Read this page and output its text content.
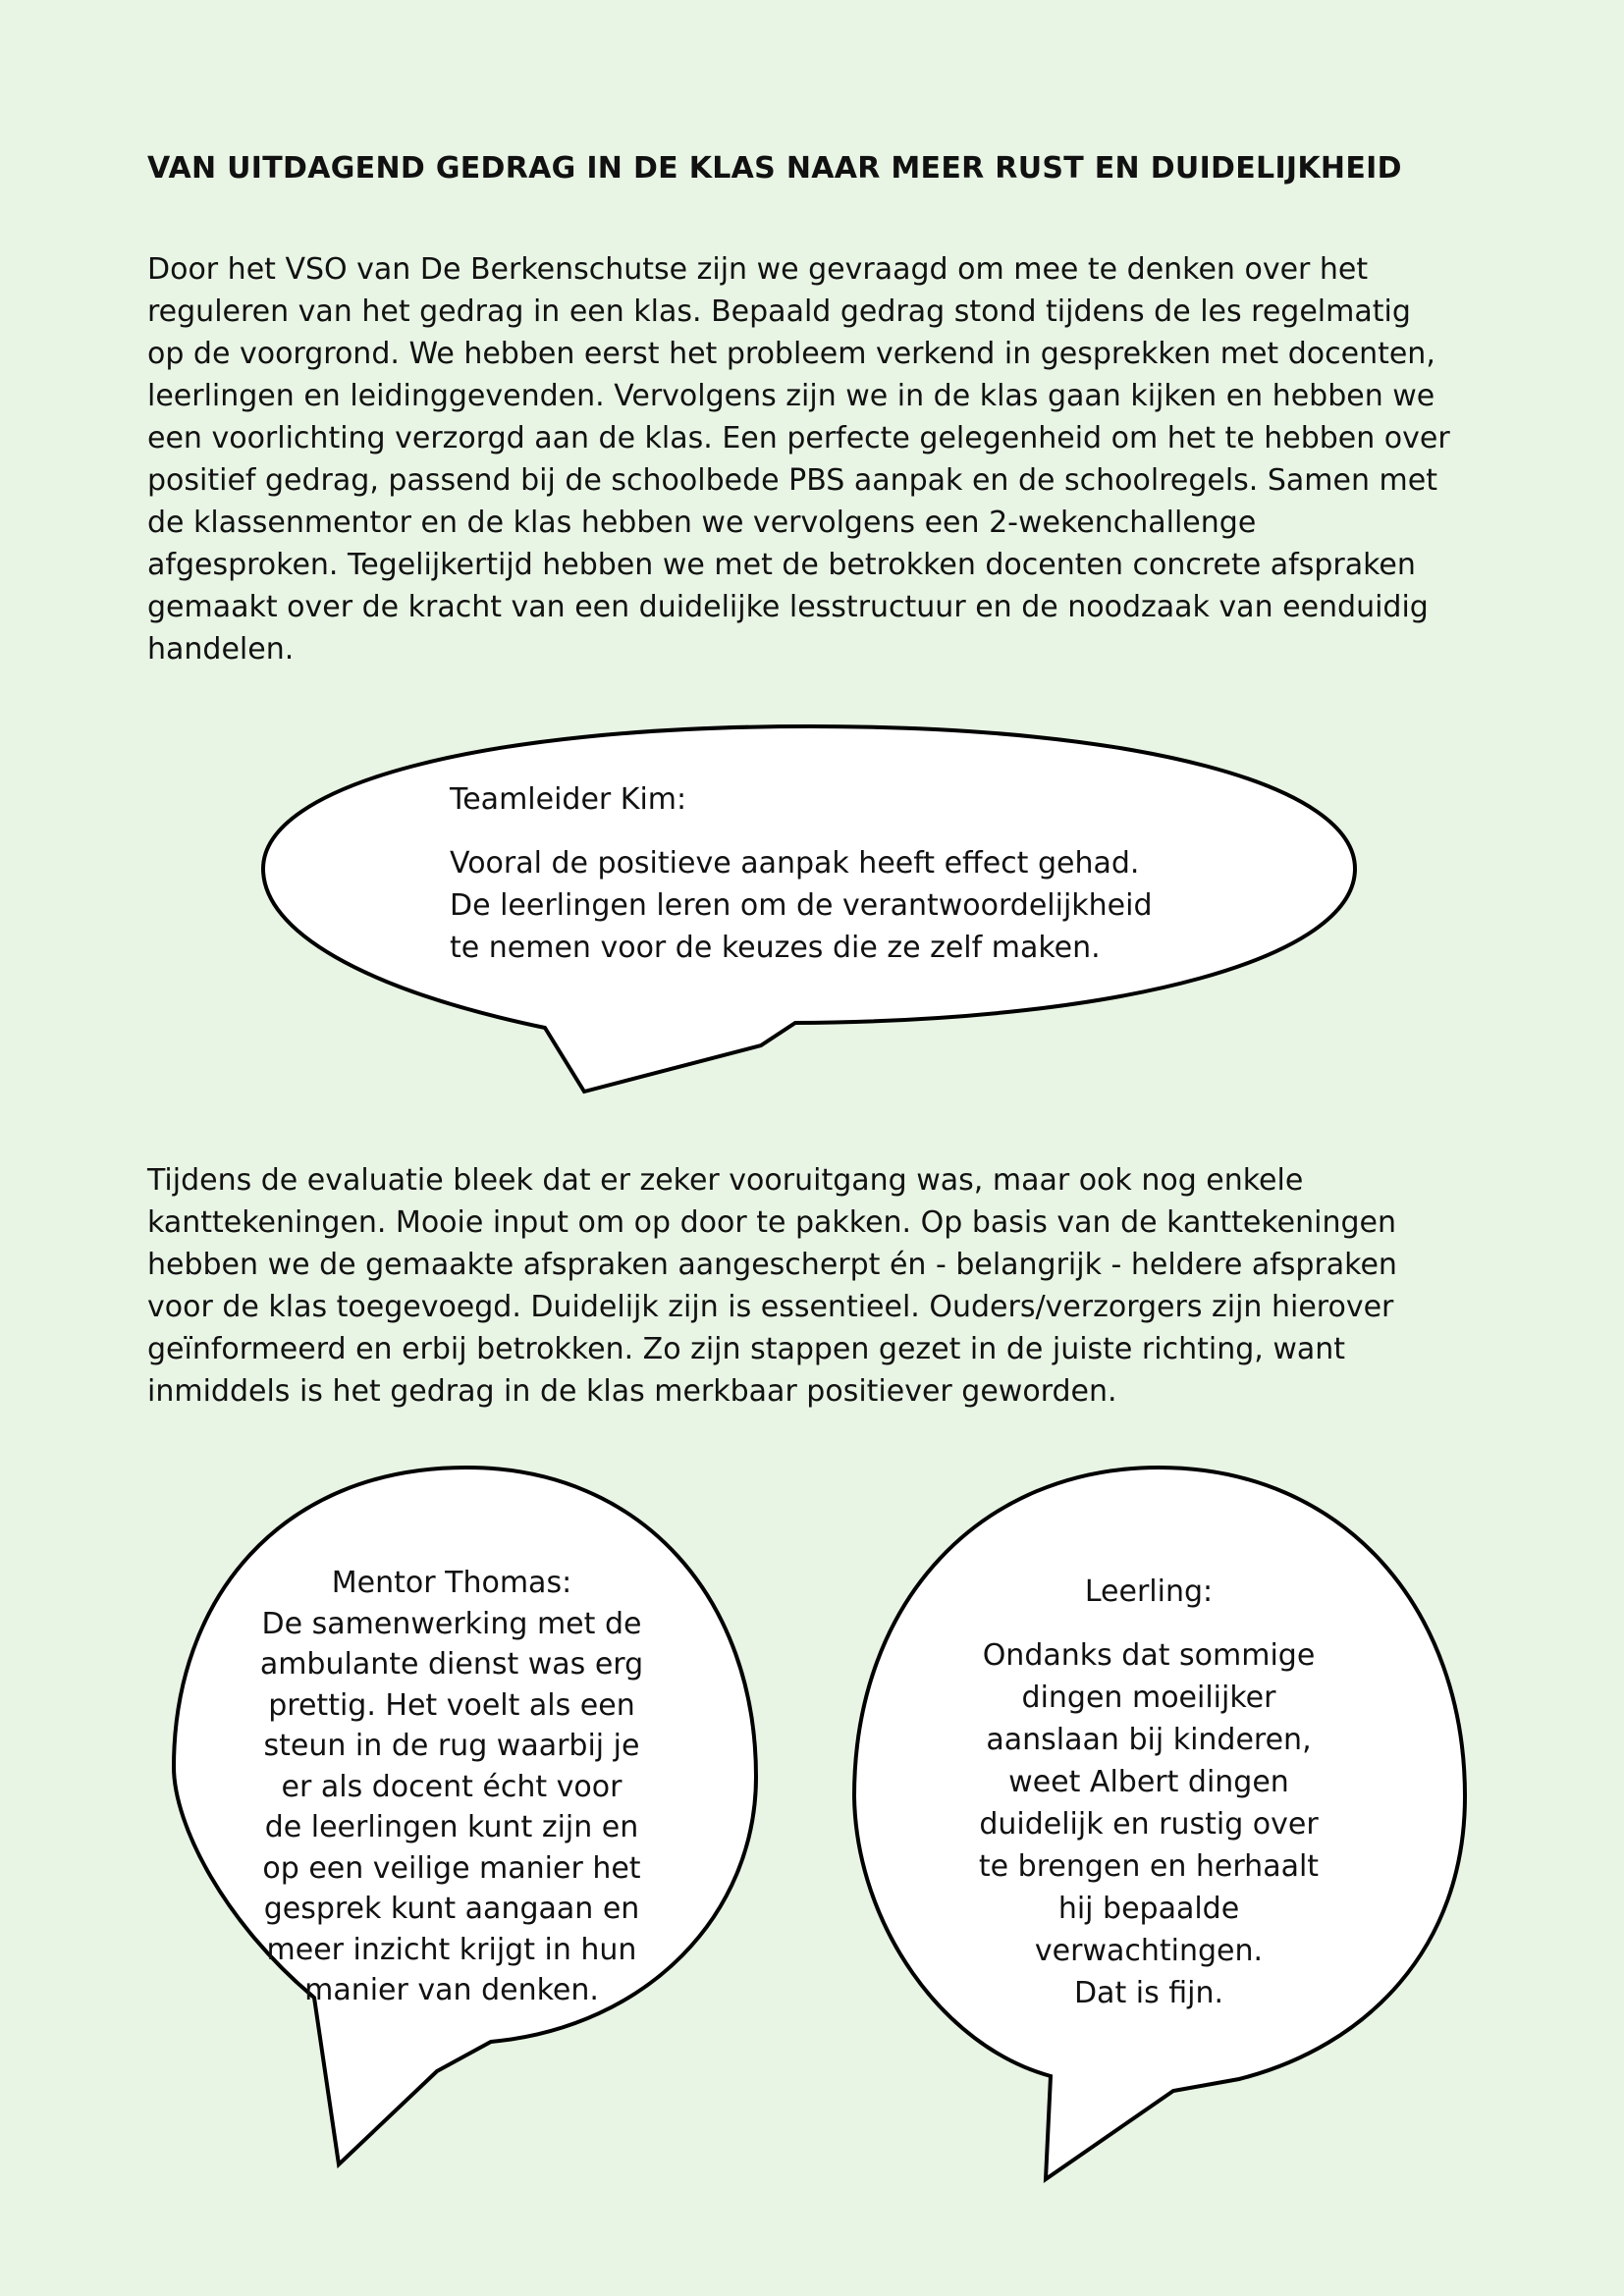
VAN UITDAGEND GEDRAG IN DE KLAS NAAR MEER RUST EN DUIDELIJKHEID
Door het VSO van De Berkenschutse zijn we gevraagd om mee te denken over het
reguleren van het gedrag in een klas. Bepaald gedrag stond tijdens de les regelmatig
op de voorgrond. We hebben eerst het probleem verkend in gesprekken met docenten,
leerlingen en leidinggevenden. Vervolgens zijn we in de klas gaan kijken en hebben we
een voorlichting verzorgd aan de klas. Een perfecte gelegenheid om het te hebben over
positief gedrag, passend bij de schoolbede PBS aanpak en de schoolregels. Samen met
de klassenmentor en de klas hebben we vervolgens een 2-wekenchallenge
afgesproken. Tegelijkertijd hebben we met de betrokken docenten concrete afspraken
gemaakt over de kracht van een duidelijke lesstructuur en de noodzaak van eenduidig
handelen.
Teamleider Kim:
Vooral de positieve aanpak heeft effect gehad.
De leerlingen leren om de verantwoordelijkheid
te nemen voor de keuzes die ze zelf maken.
Tijdens de evaluatie bleek dat er zeker vooruitgang was, maar ook nog enkele
kanttekeningen. Mooie input om op door te pakken. Op basis van de kanttekeningen
hebben we de gemaakte afspraken aangescherpt én - belangrijk - heldere afspraken
voor de klas toegevoegd. Duidelijk zijn is essentieel. Ouders/verzorgers zijn hierover
geïnformeerd en erbij betrokken. Zo zijn stappen gezet in de juiste richting, want
inmiddels is het gedrag in de klas merkbaar positiever geworden.
Mentor Thomas:
De samenwerking met de
ambulante dienst was erg
prettig. Het voelt als een
steun in de rug waarbij je
er als docent écht voor
de leerlingen kunt zijn en
op een veilige manier het
gesprek kunt aangaan en
meer inzicht krijgt in hun
manier van denken.
Leerling:
Ondanks dat sommige
dingen moeilijker
aanslaan bij kinderen,
weet Albert dingen
duidelijk en rustig over
te brengen en herhaalt
hij bepaalde
verwachtingen.
Dat is fijn.
